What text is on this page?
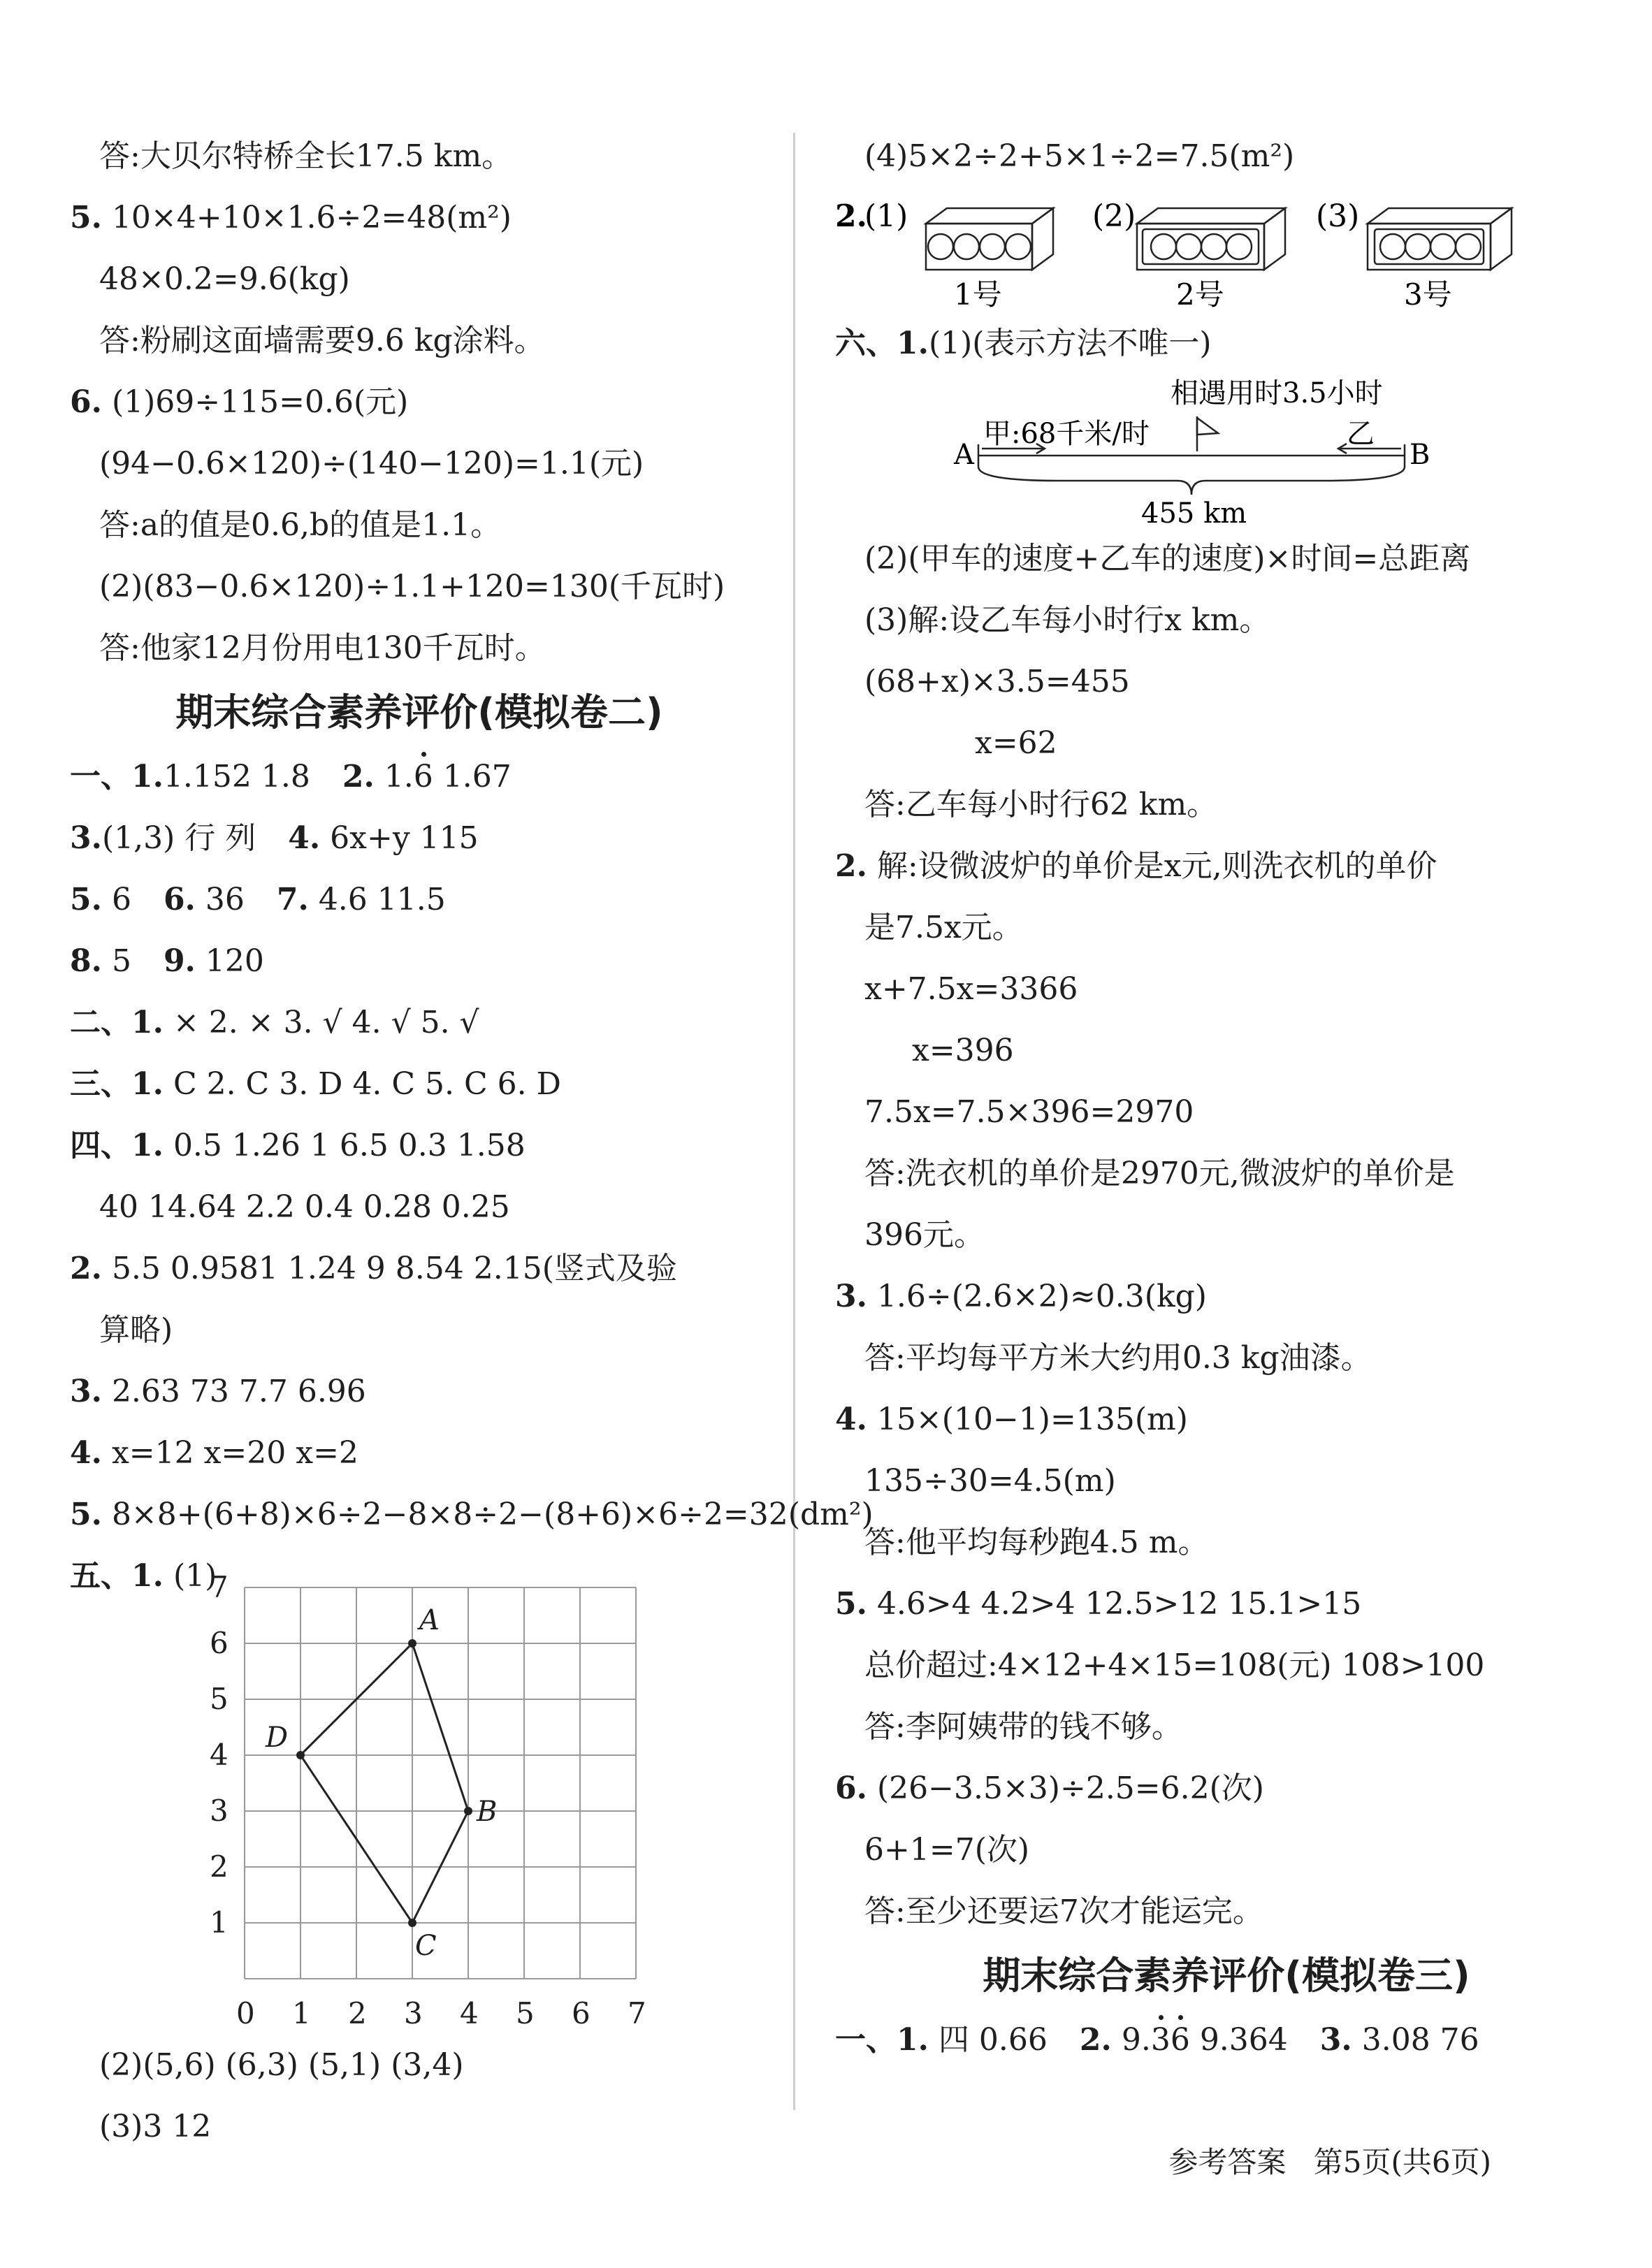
答:大贝尔特桥全长17.5 km。
5. 10×4+10×1.6÷2=48(m²)
48×0.2=9.6(kg)
答:粉刷这面墙需要9.6 kg涂料。
6. (1)69÷115=0.6(元)
(94−0.6×120)÷(140−120)=1.1(元)
答:a的值是0.6,b的值是1.1。
(2)(83−0.6×120)÷1.1+120=130(千瓦时)
答:他家12月份用电130千瓦时。
期末综合素养评价(模拟卷二)
一、1.1.152 1.8 2. 1.6 1.67
3.(1,3) 行 列 4. 6x+y 115
5. 6 6. 36 7. 4.6 11.5
8. 5 9. 120
二、1. × 2. × 3. √ 4. √ 5. √
三、1. C 2. C 3. D 4. C 5. C 6. D
四、1. 0.5 1.26 1 6.5 0.3 1.58
40 14.64 2.2 0.4 0.28 0.25
2. 5.5 0.9581 1.24 9 8.54 2.15(竖式及验
算略)
3. 2.63 73 7.7 6.96
4. x=12 x=20 x=2
5. 8×8+(6+8)×6÷2−8×8÷2−(8+6)×6÷2=32(dm²)
五、1. (1)
0 1 2 3 4 5 6 7
1
2
3
4
5
6
7
A
B
C
D
(2)(5,6) (6,3) (5,1) (3,4)
(3)3 12
(4)5×2÷2+5×1÷2=7.5(m²)
2.
(1)
1号
(2)
2号
(3)
3号
六、1.(1)(表示方法不唯一)
相遇用时3.5小时
甲:68千米/时	乙
A	B
455 km
(2)(甲车的速度+乙车的速度)×时间=总距离
(3)解:设乙车每小时行x km。
(68+x)×3.5=455
x=62
答:乙车每小时行62 km。
2. 解:设微波炉的单价是x元,则洗衣机的单价
是7.5x元。
x+7.5x=3366
x=396
7.5x=7.5×396=2970
答:洗衣机的单价是2970元,微波炉的单价是
396元。
3. 1.6÷(2.6×2)≈0.3(kg)
答:平均每平方米大约用0.3 kg油漆。
4. 15×(10−1)=135(m)
135÷30=4.5(m)
答:他平均每秒跑4.5 m。
5. 4.6>4 4.2>4 12.5>12 15.1>15
总价超过:4×12+4×15=108(元) 108>100
答:李阿姨带的钱不够。
6. (26−3.5×3)÷2.5=6.2(次)
6+1=7(次)
答:至少还要运7次才能运完。
期末综合素养评价(模拟卷三)
一、1. 四 0.66 2. 9.36 9.364 3. 3.08 76
参考答案 第5页(共6页)
